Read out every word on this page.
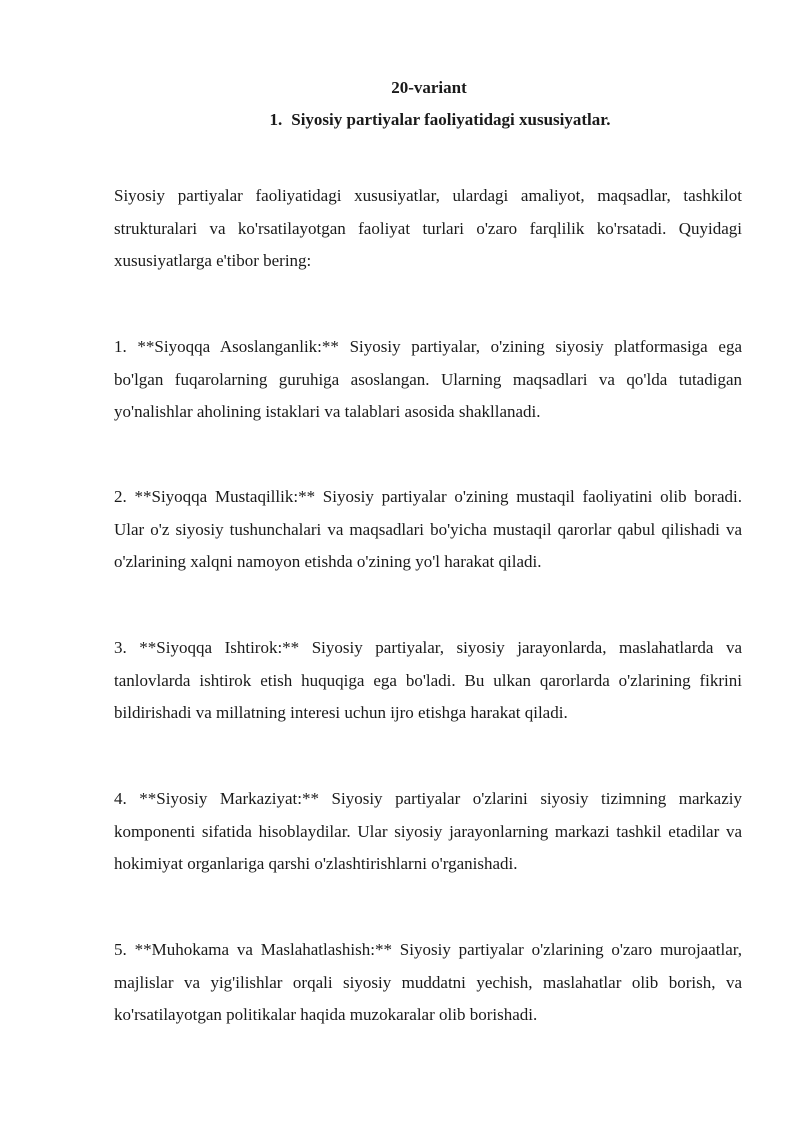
20-variant
1. Siyosiy partiyalar faoliyatidagi xususiyatlar.

Siyosiy partiyalar faoliyatidagi xususiyatlar, ulardagi amaliyot, maqsadlar, tashkilot strukturalari va ko'rsatilayotgan faoliyat turlari o'zaro farqlilik ko'rsatadi. Quyidagi xususiyatlarga e'tibor bering:

1. **Siyoqqa Asoslanganlik:** Siyosiy partiyalar, o'zining siyosiy platformasiga ega bo'lgan fuqarolarning guruhiga asoslangan. Ularning maqsadlari va qo'lda tutadigan yo'nalishlar aholining istaklari va talablari asosida shakllanadi.

2. **Siyoqqa Mustaqillik:** Siyosiy partiyalar o'zining mustaqil faoliyatini olib boradi. Ular o'z siyosiy tushunchalari va maqsadlari bo'yicha mustaqil qarorlar qabul qilishadi va o'zlarining xalqni namoyon etishda o'zining yo'l harakat qiladi.

3. **Siyoqqa Ishtirok:** Siyosiy partiyalar, siyosiy jarayonlarda, maslahatlarda va tanlovlarda ishtirok etish huquqiga ega bo'ladi. Bu ulkan qarorlarda o'zlarining fikrini bildirishadi va millatning interesi uchun ijro etishga harakat qiladi.

4. **Siyosiy Markaziyat:** Siyosiy partiyalar o'zlarini siyosiy tizimning markaziy komponenti sifatida hisoblaydilar. Ular siyosiy jarayonlarning markazi tashkil etadilar va hokimiyat organlariga qarshi o'zlashtirishlarni o'rganishadi.

5. **Muhokama va Maslahatlashish:** Siyosiy partiyalar o'zlarining o'zaro murojaatlar, majlislar va yig'ilishlar orqali siyosiy muddatni yechish, maslahatlar olib borish, va ko'rsatilayotgan politikalar haqida muzokaralar olib borishadi.
